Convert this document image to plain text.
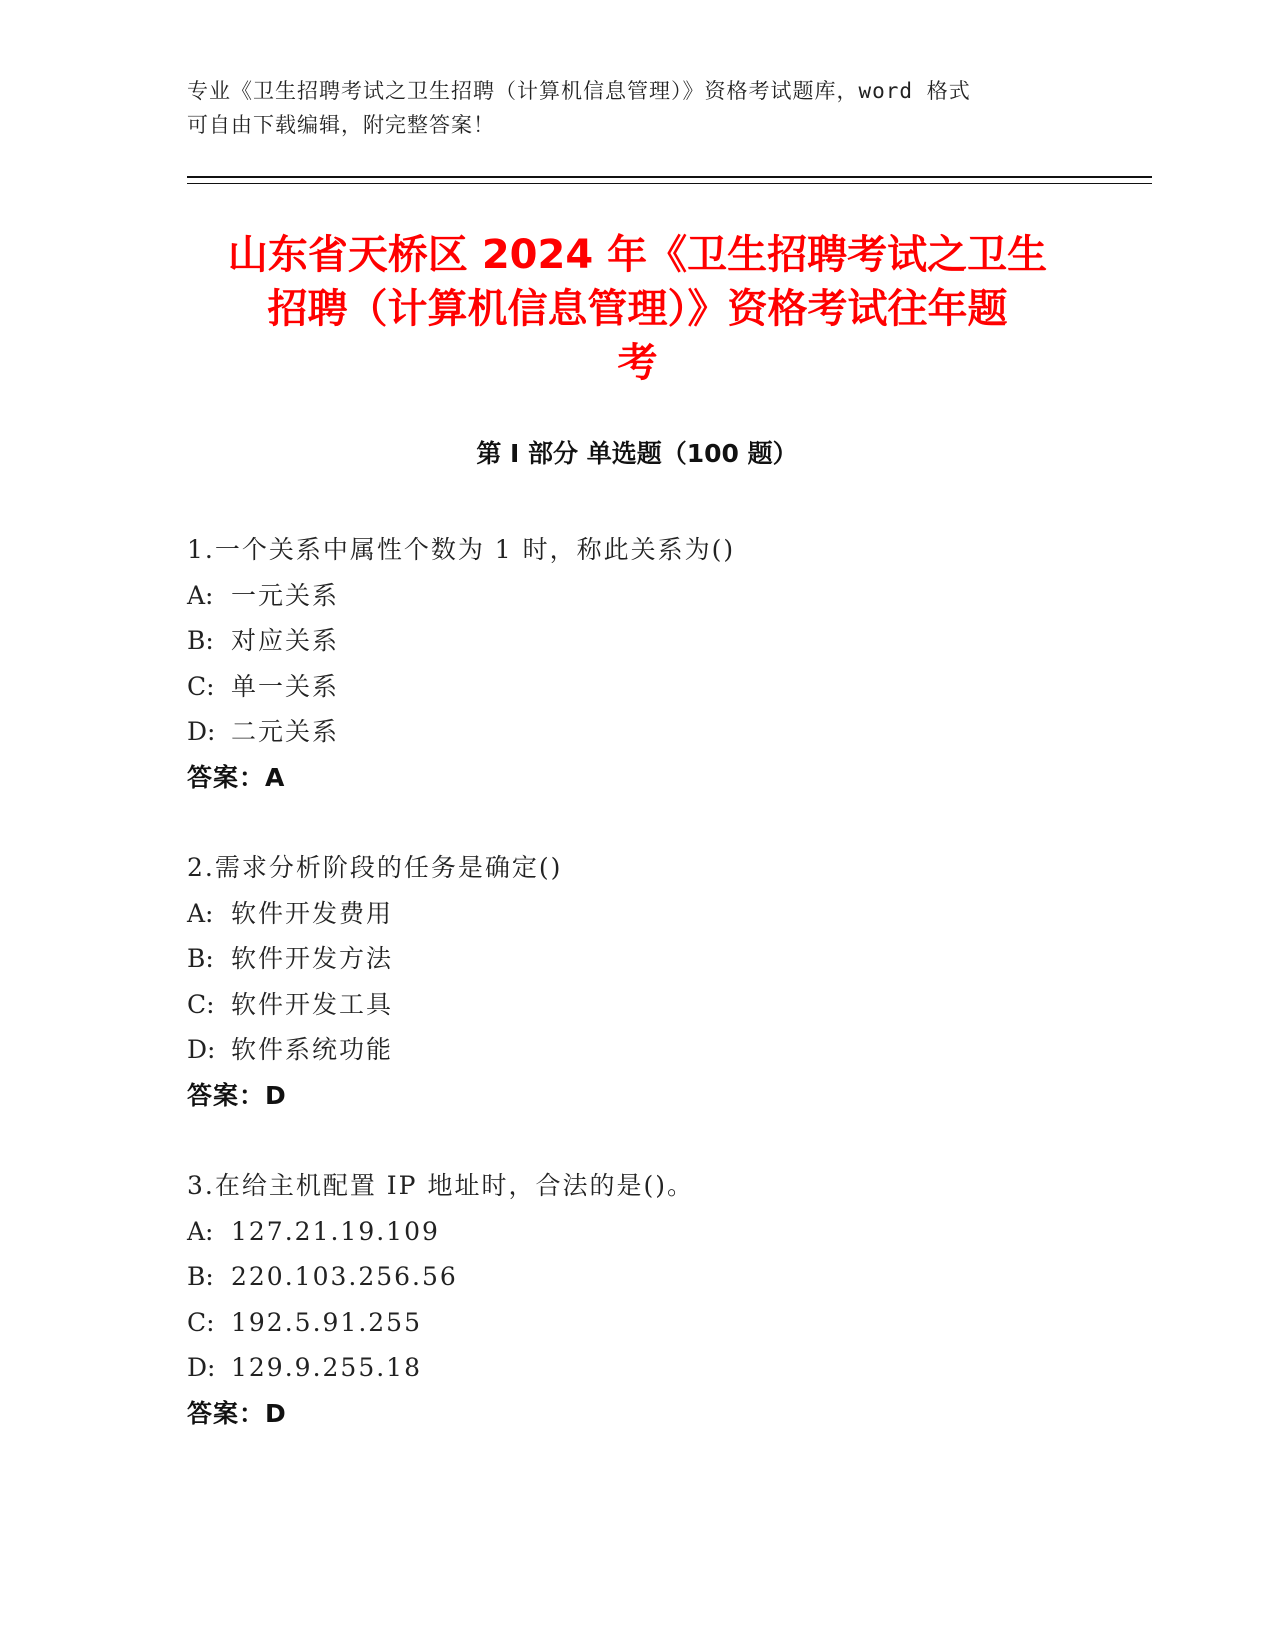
专业《卫生招聘考试之卫生招聘（计算机信息管理）》资格考试题库，word 格式
可自由下载编辑，附完整答案！
山东省天桥区 2024 年《卫生招聘考试之卫生
招聘（计算机信息管理）》资格考试往年题
考
第 I 部分 单选题（100 题）
1.一个关系中属性个数为 1 时，称此关系为()
A: 一元关系
B: 对应关系
C: 单一关系
D: 二元关系
答案：A
2.需求分析阶段的任务是确定()
A: 软件开发费用
B: 软件开发方法
C: 软件开发工具
D: 软件系统功能
答案：D
3.在给主机配置 IP 地址时，合法的是()。
A: 127.21.19.109
B: 220.103.256.56
C: 192.5.91.255
D: 129.9.255.18
答案：D
